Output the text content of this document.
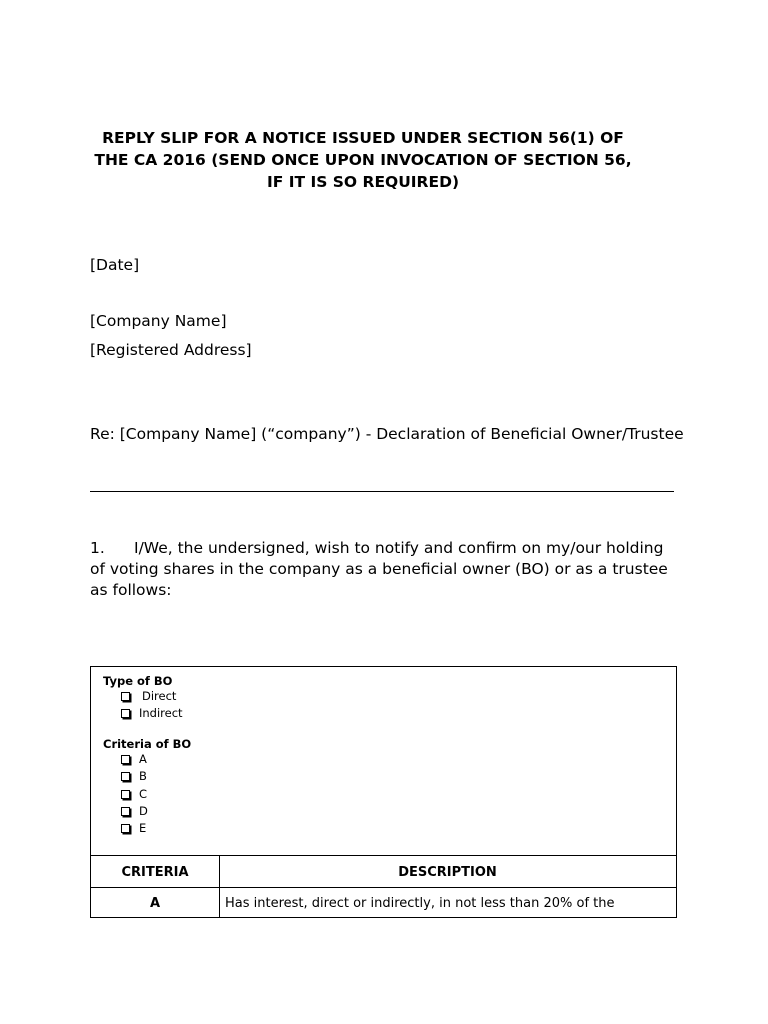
REPLY SLIP FOR A NOTICE ISSUED UNDER SECTION 56(1) OF
THE CA 2016 (SEND ONCE UPON INVOCATION OF SECTION 56,
IF IT IS SO REQUIRED)
[Date]
[Company Name]
[Registered Address]
Re: [Company Name] (“company”) - Declaration of Beneficial Owner/Trustee
1. I/We, the undersigned, wish to notify and confirm on my/our holding
of voting shares in the company as a beneficial owner (BO) or as a trustee
as follows:
Type of BO
Direct
Indirect
Criteria of BO
A
B
C
D
E
CRITERIA	DESCRIPTION
A	Has interest, direct or indirectly, in not less than 20% of the
